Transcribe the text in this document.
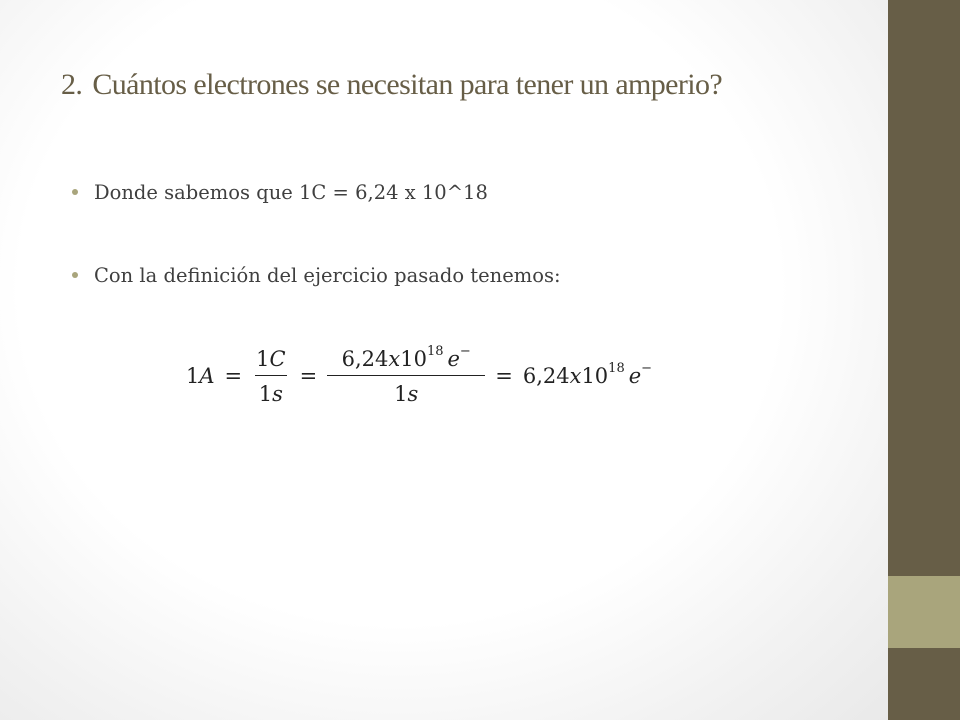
2. Cuántos electrones se necesitan para tener un amperio?
Donde sabemos que 1C = 6,24 x 10^18
Con la definición del ejercicio pasado tenemos:
$1A = \frac{1C}{1s} = \frac{6,24x10^{18} e^-}{1s} = 6,24x10^{18}$ e−
